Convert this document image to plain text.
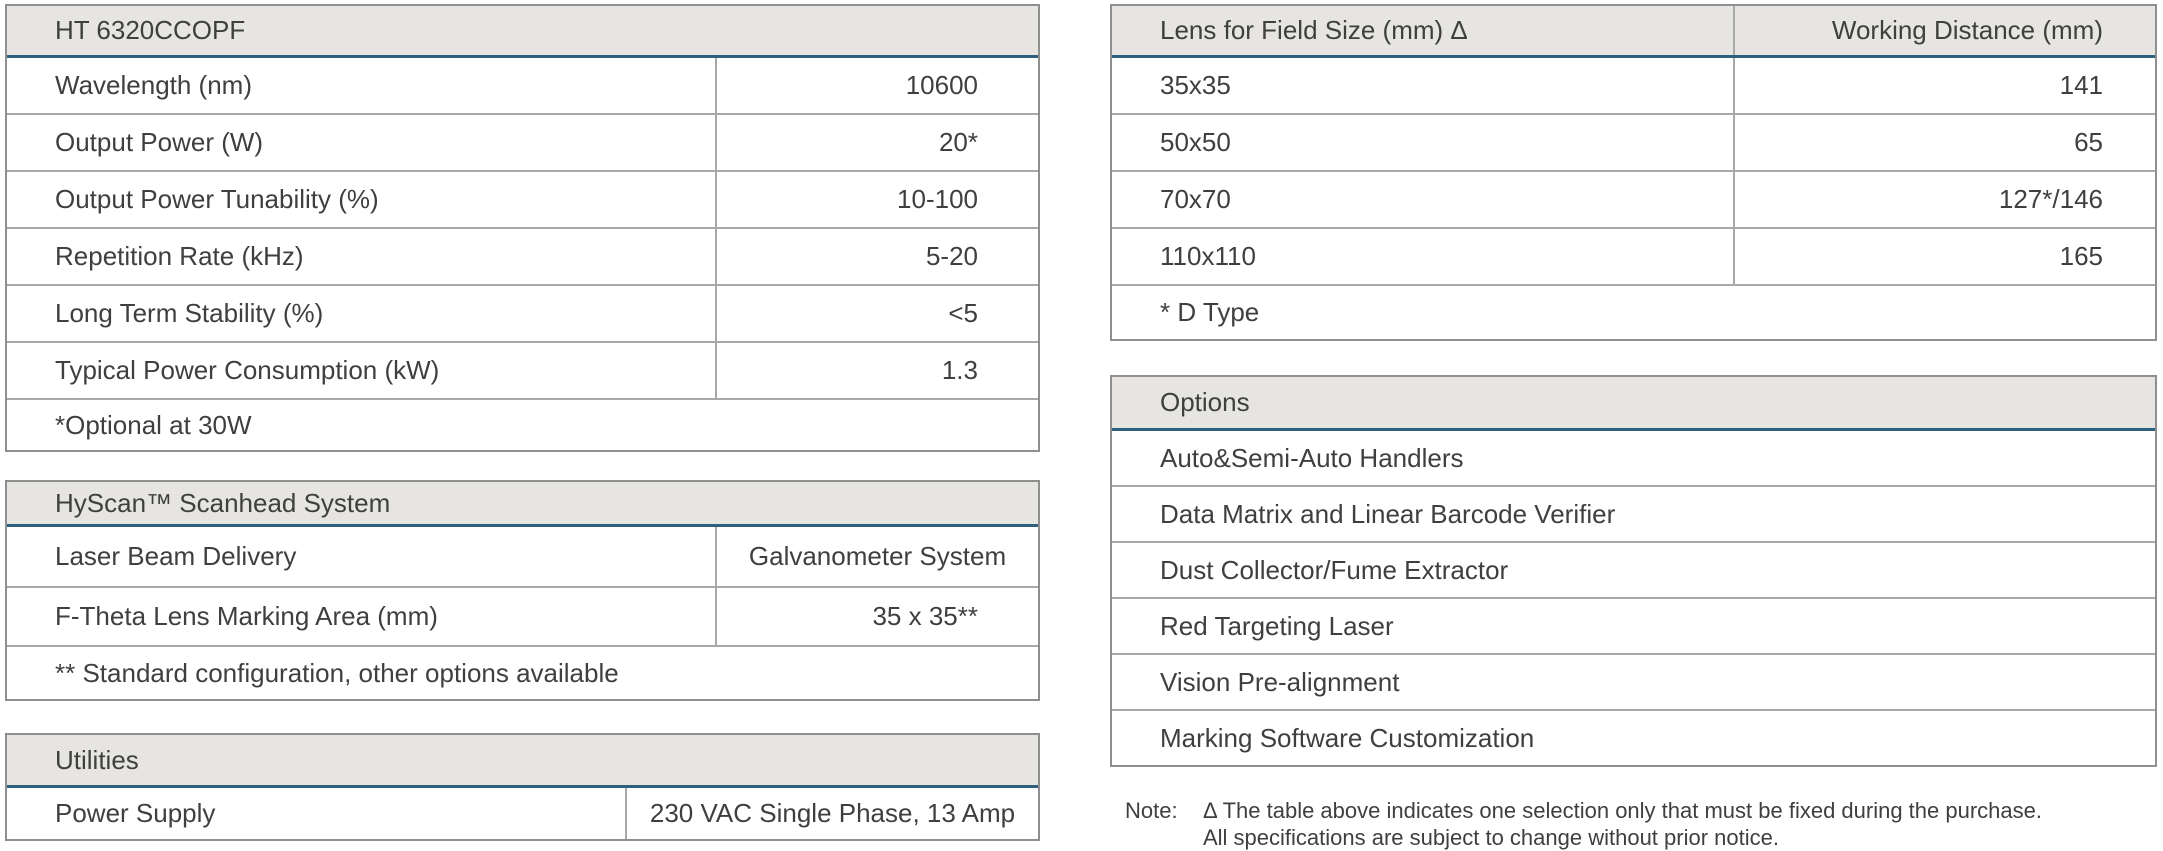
HT 6320CCOPF
Wavelength (nm)	10600
Output Power (W)	20*
Output Power Tunability (%)	10-100
Repetition Rate (kHz)	5-20
Long Term Stability (%)	<5
Typical Power Consumption (kW)	1.3
*Optional at 30W
HyScan™ Scanhead System
Laser Beam Delivery	Galvanometer System
F-Theta Lens Marking Area (mm)	35 x 35**
** Standard configuration, other options available
Utilities
Power Supply	230 VAC Single Phase, 13 Amp
Lens for Field Size (mm) Δ	Working Distance (mm)
35x35	141
50x50	65
70x70	127*/146
110x110	165
* D Type
Options
Auto&Semi-Auto Handlers
Data Matrix and Linear Barcode Verifier
Dust Collector/Fume Extractor
Red Targeting Laser
Vision Pre-alignment
Marking Software Customization
Note:	Δ The table above indicates one selection only that must be fixed during the purchase.
All specifications are subject to change without prior notice.
